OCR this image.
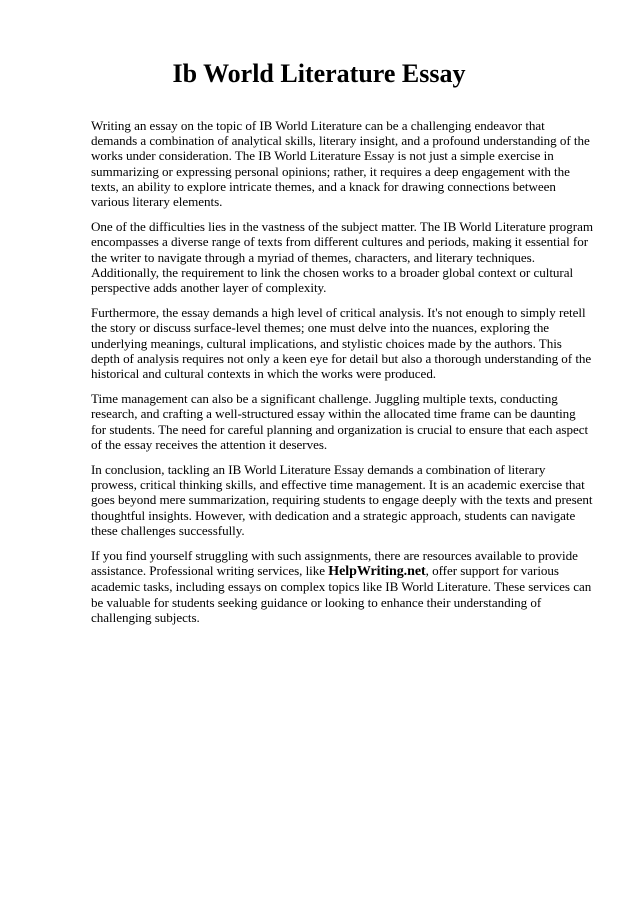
Ib World Literature Essay

Writing an essay on the topic of IB World Literature can be a challenging endeavor that demands a combination of analytical skills, literary insight, and a profound understanding of the works under consideration. The IB World Literature Essay is not just a simple exercise in summarizing or expressing personal opinions; rather, it requires a deep engagement with the texts, an ability to explore intricate themes, and a knack for drawing connections between various literary elements.

One of the difficulties lies in the vastness of the subject matter. The IB World Literature program encompasses a diverse range of texts from different cultures and periods, making it essential for the writer to navigate through a myriad of themes, characters, and literary techniques. Additionally, the requirement to link the chosen works to a broader global context or cultural perspective adds another layer of complexity.

Furthermore, the essay demands a high level of critical analysis. It's not enough to simply retell the story or discuss surface-level themes; one must delve into the nuances, exploring the underlying meanings, cultural implications, and stylistic choices made by the authors. This depth of analysis requires not only a keen eye for detail but also a thorough understanding of the historical and cultural contexts in which the works were produced.

Time management can also be a significant challenge. Juggling multiple texts, conducting research, and crafting a well-structured essay within the allocated time frame can be daunting for students. The need for careful planning and organization is crucial to ensure that each aspect of the essay receives the attention it deserves.

In conclusion, tackling an IB World Literature Essay demands a combination of literary prowess, critical thinking skills, and effective time management. It is an academic exercise that goes beyond mere summarization, requiring students to engage deeply with the texts and present thoughtful insights. However, with dedication and a strategic approach, students can navigate these challenges successfully.

If you find yourself struggling with such assignments, there are resources available to provide assistance. Professional writing services, like HelpWriting.net, offer support for various academic tasks, including essays on complex topics like IB World Literature. These services can be valuable for students seeking guidance or looking to enhance their understanding of challenging subjects.
